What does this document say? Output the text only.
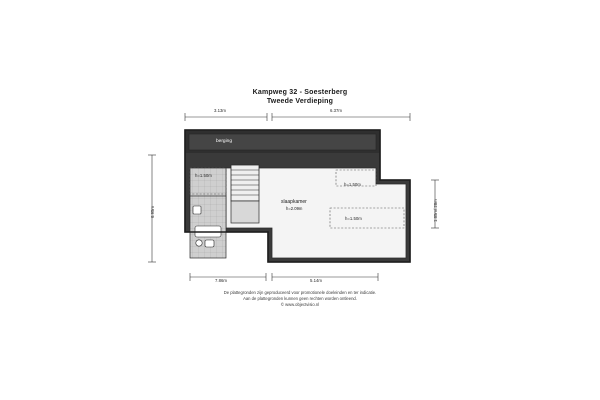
Kampweg 32 - Soesterberg
Tweede Verdieping
3.13m	6.37m
6.95m	1.85m/.28m
7.86m	5.14m
berging
slaapkamer
h=2.09m
h=1.50m
h=1.50m
h=1.50m
De plattegronden zijn geproduceerd voor promotionele doeleinden en ter indicatie.
Aan de plattegronden kunnen geen rechten worden ontleend.
© www.objectvisio.nl
